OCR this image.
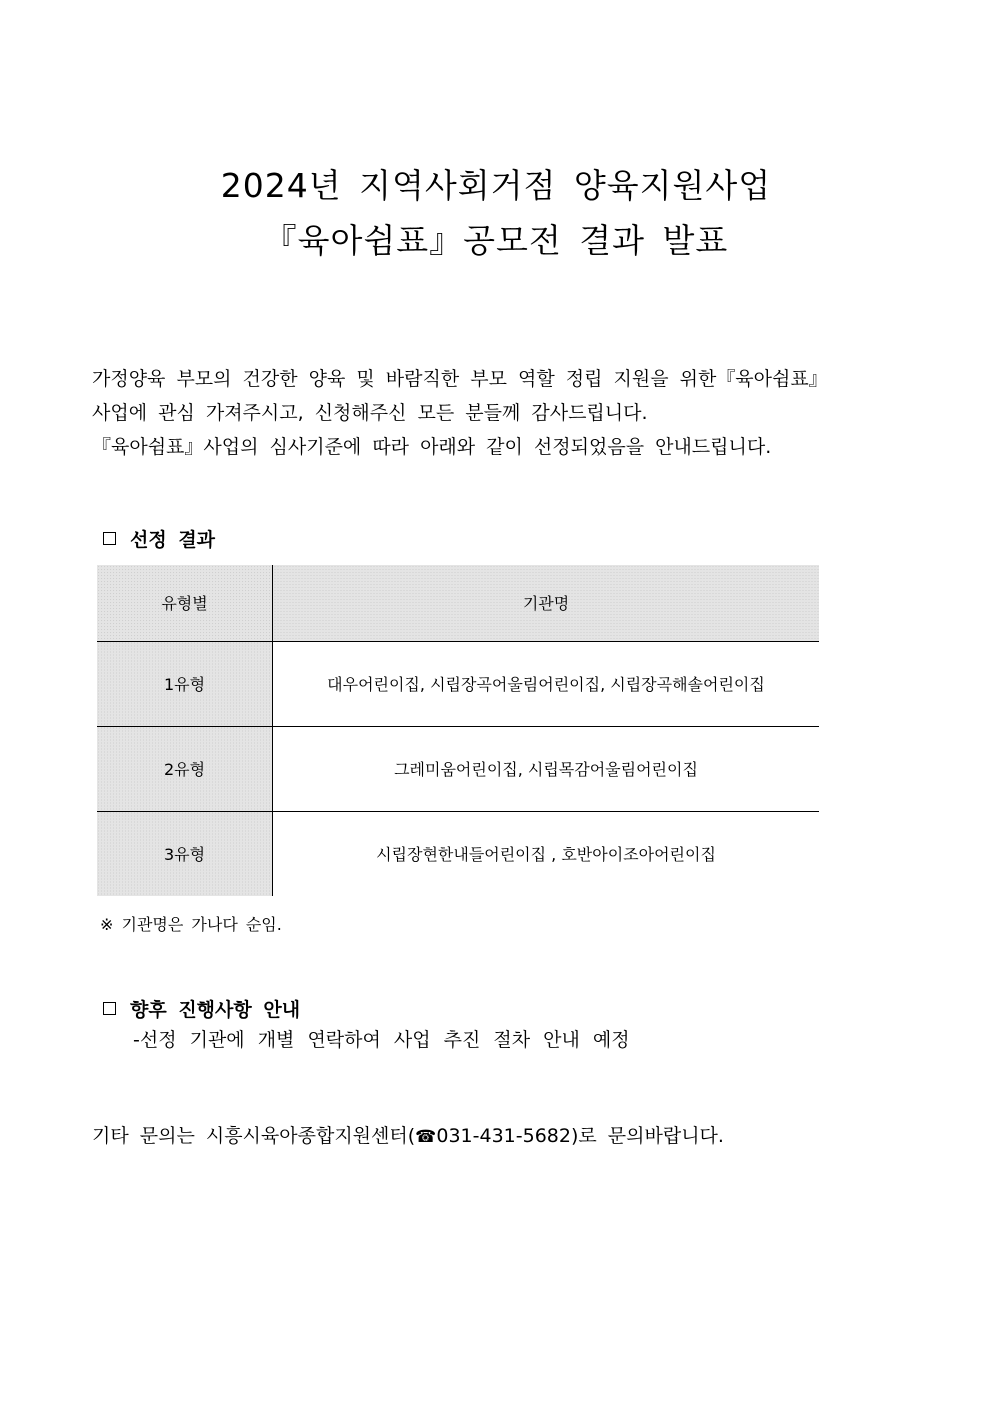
2024년 지역사회거점 양육지원사업
『육아쉼표』공모전 결과 발표

가정양육 부모의 건강한 양육 및 바람직한 부모 역할 정립 지원을 위한『육아쉼표』

사업에 관심 가져주시고, 신청해주신 모든 분들께 감사드립니다.

『육아쉼표』사업의 심사기준에 따라 아래와 같이 선정되었음을 안내드립니다.

선정 결과
유형별	기관명
1유형	대우어린이집, 시립장곡어울림어린이집, 시립장곡해솔어린이집
2유형	그레미움어린이집, 시립목감어울림어린이집
3유형	시립장현한내들어린이집 , 호반아이조아어린이집
※ 기관명은 가나다 순임.
향후 진행사항 안내
-선정 기관에 개별 연락하여 사업 추진 절차 안내 예정
기타 문의는 시흥시육아종합지원센터(☎031-431-5682)로 문의바랍니다.
